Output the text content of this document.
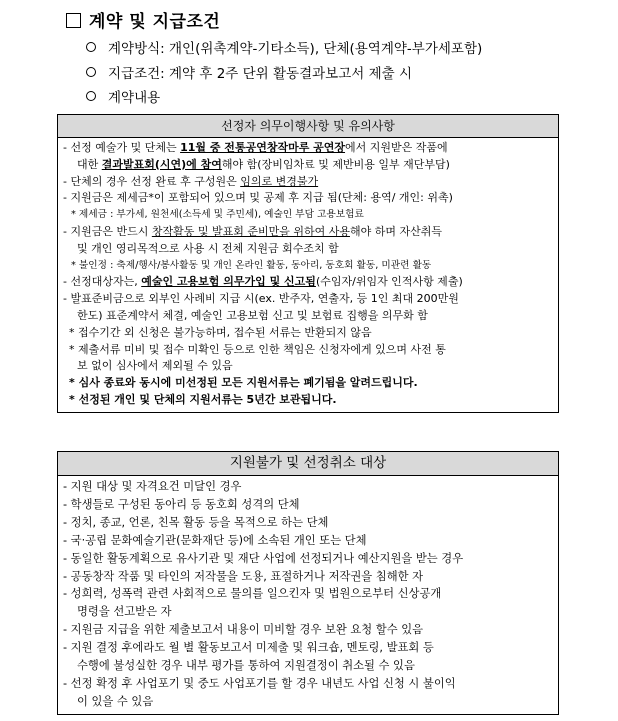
계약 및 지급조건
계약방식: 개인(위촉계약-기타소득), 단체(용역계약-부가세포함)
지급조건: 계약 후 2주 단위 활동결과보고서 제출 시
계약내용
선정자 의무이행사항 및 유의사항
- 선정 예술가 및 단체는 11월 중 전통공연창작마루 공연장에서 지원받은 작품에
대한 결과발표회(시연)에 참여해야 함(장비임차료 및 제반비용 일부 재단부담)
- 단체의 경우 선정 완료 후 구성원은 임의로 변경불가
- 지원금은 제세금*이 포함되어 있으며 및 공제 후 지급 됨(단체: 용역/ 개인: 위촉)
* 제세금 : 부가세, 원천세(소득세 및 주민세), 예술인 부담 고용보험료
- 지원금은 반드시 창작활동 및 발표회 준비만을 위하여 사용해야 하며 자산취득
및 개인 영리목적으로 사용 시 전체 지원금 회수조치 함
* 불인정 : 축제/행사/봉사활동 및 개인 온라인 활동, 동아리, 동호회 활동, 미관련 활동
- 선정대상자는, 예술인 고용보험 의무가입 및 신고됨(수임자/위임자 인적사항 제출)
- 발표준비금으로 외부인 사례비 지급 시(ex. 반주자, 연출자, 등 1인 최대 200만원
한도) 표준계약서 체결, 예술인 고용보험 신고 및 보험료 집행을 의무화 함
* 접수기간 외 신청은 불가능하며, 접수된 서류는 반환되지 않음
* 제출서류 미비 및 접수 미확인 등으로 인한 책임은 신청자에게 있으며 사전 통
보 없이 심사에서 제외될 수 있음
* 심사 종료와 동시에 미선정된 모든 지원서류는 폐기됨을 알려드립니다.
* 선정된 개인 및 단체의 지원서류는 5년간 보관됩니다.
지원불가 및 선정취소 대상
- 지원 대상 및 자격요건 미달인 경우
- 학생들로 구성된 동아리 등 동호회 성격의 단체
- 정치, 종교, 언론, 친목 활동 등을 목적으로 하는 단체
- 국·공립 문화예술기관(문화재단 등)에 소속된 개인 또는 단체
- 동일한 활동계획으로 유사기관 및 재단 사업에 선정되거나 예산지원을 받는 경우
- 공동창작 작품 및 타인의 저작물을 도용, 표절하거나 저작권을 침해한 자
- 성희력, 성폭력 관련 사회적으로 물의를 일으킨자 및 법원으로부터 신상공개
명령을 선고받은 자
- 지원금 지급을 위한 제출보고서 내용이 미비할 경우 보완 요청 할수 있음
- 지원 결정 후에라도 월 별 활동보고서 미제출 및 워크숍, 멘토링, 발표회 등
수행에 불성실한 경우 내부 평가를 통하여 지원결정이 취소될 수 있음
- 선정 확정 후 사업포기 및 중도 사업포기를 할 경우 내년도 사업 신청 시 불이익
이 있을 수 있음
